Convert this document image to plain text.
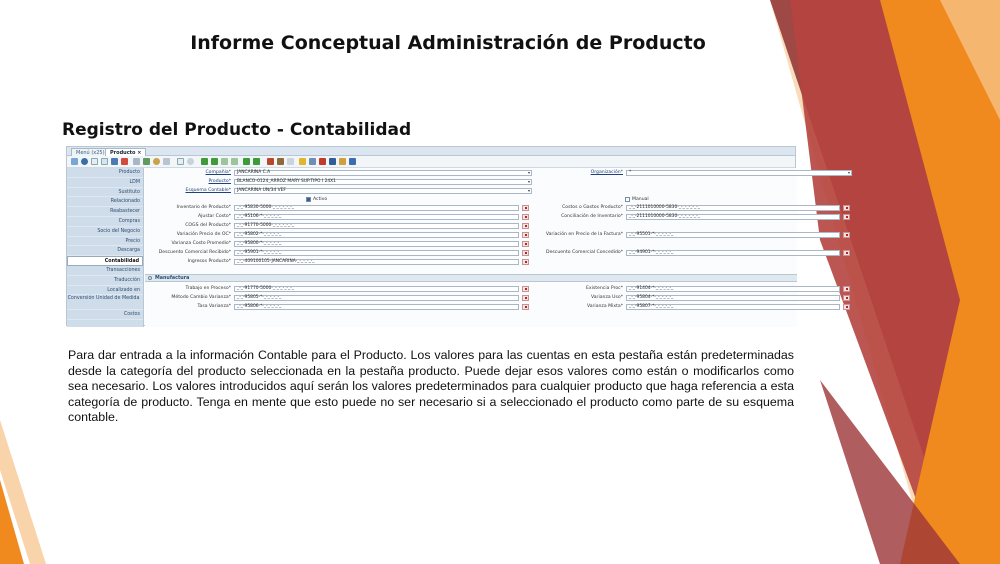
Informe Conceptual Administración de Producto
Registro del Producto - Contabilidad
Menú (x25)	Producto ×
Producto
LDM
Sustituto
Relacionado
Reabastecer
Compras
Socio del Negocio
Precio
Descarga
Contabilidad
Transacciones
Traducción
Localizado en
Conversión Unidad de Medida
Costos
Compañía*	JANCARINA C.A	▾
Producto*	BLANCO-0124_ARROZ MARY SUP.TIPO I 24X1	▾
Esquema Contable*	JANCARINA UN/34 VEF	▾
Organización*	*	▾
Activo	Manual
Inventario de Producto*	_-_-95830-5000-_-_-_-_-_-_
Ajustar Costo*	_-_-95106-*-_-_-_-_-_
COGS del Producto*	_-_-91770-5000-_-_-_-_-_-_
Variación Precio de OC*	_-_-95802-*-_-_-_-_-_
Varianza Costo Promedio*	_-_-95800-*-_-_-_-_-_
Descuento Comercial Recibido*	_-_-95901-*-_-_-_-_-_
Ingresos Producto*	_-_-409100105-JANCARINA-_-_-_-_-_
Costos o Gastos Producto*	_-_-2111010000-5830-_-_-_-_-_-_
Conciliación de Inventario*	_-_-2111010000-5830-_-_-_-_-_-_
Variación en Precio de la Factura*	_-_-95501-*-_-_-_-_-_
Descuento Comercial Concedido*	_-_-94901-*-_-_-_-_-_
Manufactura
Trabajo en Proceso*	_-_-91770-5000-_-_-_-_-_-_
Método Cambio Varianza*	_-_-95805-*-_-_-_-_-_
Tasa Varianza*	_-_-95806-*-_-_-_-_-_
Existencia Proc*	_-_-91404-*-_-_-_-_-_
Varianza Uso*	_-_-95804-*-_-_-_-_-_
Varianza Mixta*	_-_-95807-*-_-_-_-_-_
Para dar entrada a la información Contable para el Producto. Los valores para las cuentas en esta pestaña están predeterminadas desde la categoría del producto seleccionada en la pestaña producto. Puede dejar esos valores como están o modificarlos como sea necesario. Los valores introducidos aquí serán los valores predeterminados para cualquier producto que haga referencia a esta categoría de producto. Tenga en mente que esto puede no ser necesario si a seleccionado el producto como parte de su esquema contable.
